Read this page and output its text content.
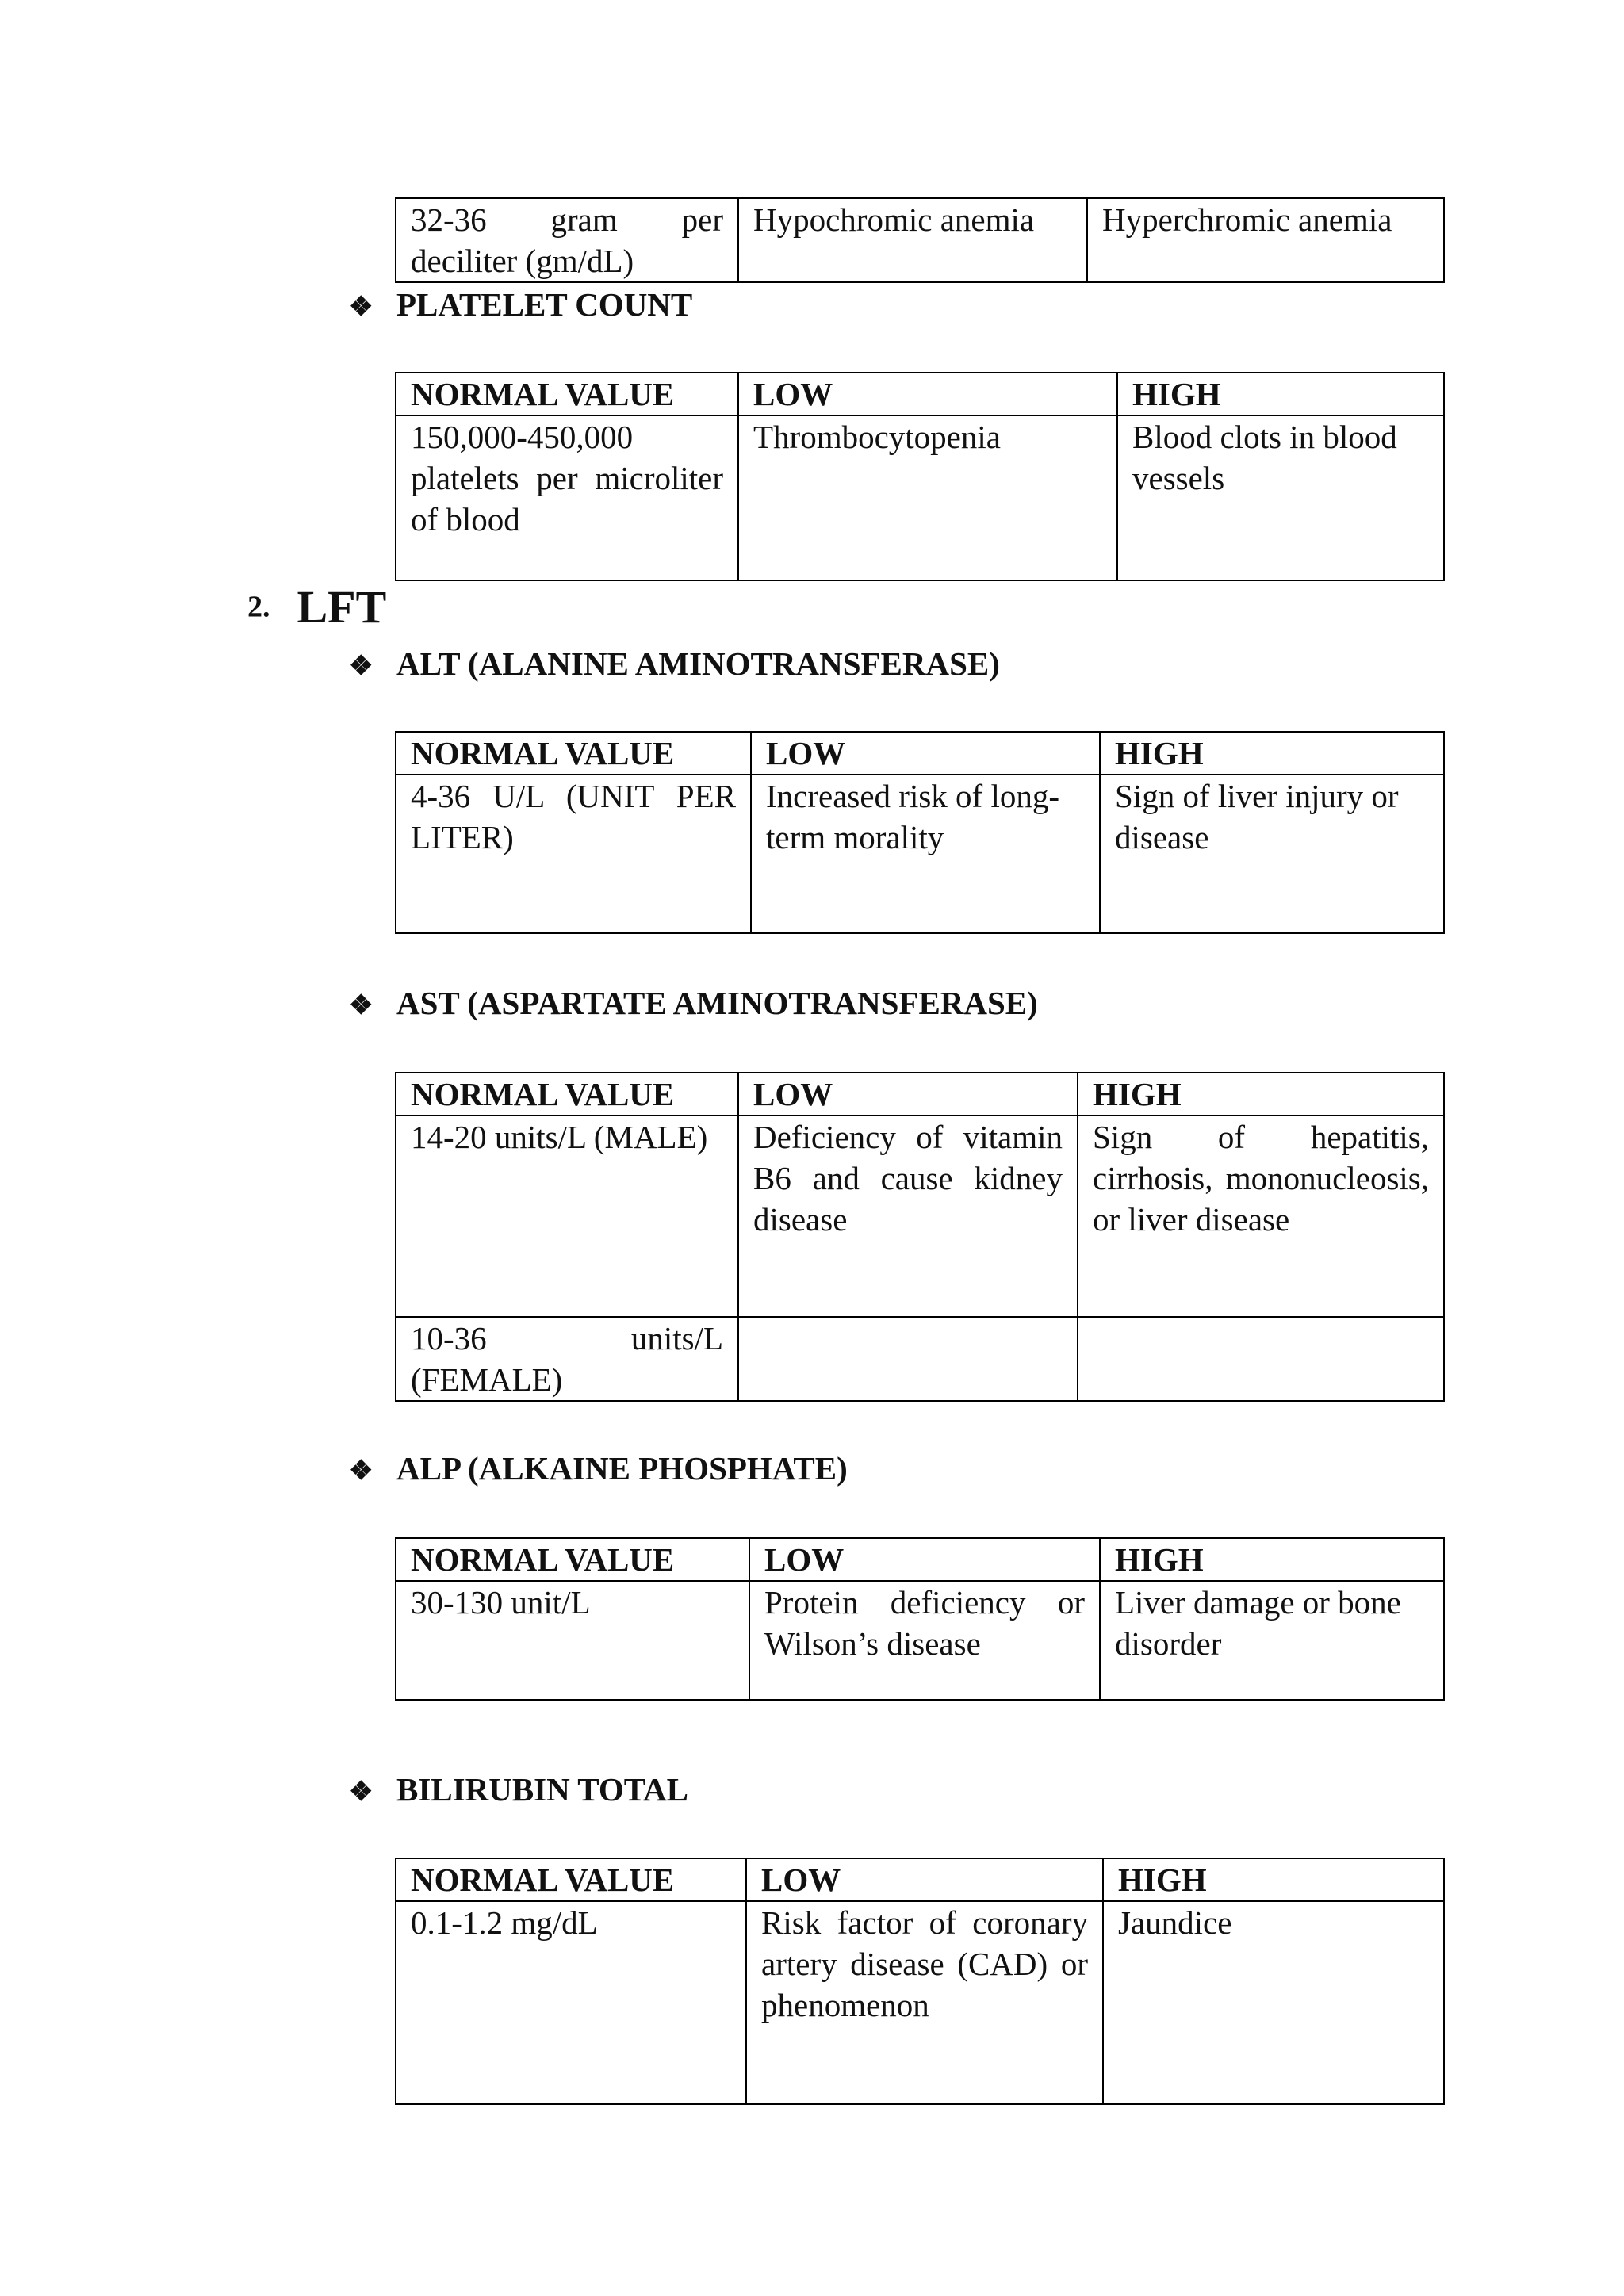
32-36 gram per deciliter (gm/dL)	Hypochromic anemia	Hyperchromic anemia
❖ PLATELET COUNT
NORMAL VALUE	LOW	HIGH
150,000-450,000 platelets per microliter of blood	Thrombocytopenia	Blood clots in blood vessels
2. LFT
❖ ALT (ALANINE AMINOTRANSFERASE)
NORMAL VALUE	LOW	HIGH
4-36 U/L (UNIT PER LITER)	Increased risk of long-term morality	Sign of liver injury or disease
❖ AST (ASPARTATE AMINOTRANSFERASE)
NORMAL VALUE	LOW	HIGH
14-20 units/L (MALE)	Deficiency of vitamin B6 and cause kidney disease	Sign of hepatitis, cirrhosis, mononucleosis, or liver disease
10-36 units/L (FEMALE)		
❖ ALP (ALKAINE PHOSPHATE)
NORMAL VALUE	LOW	HIGH
30-130 unit/L	Protein deficiency or Wilson’s disease	Liver damage or bone disorder
❖ BILIRUBIN TOTAL
NORMAL VALUE	LOW	HIGH
0.1-1.2 mg/dL	Risk factor of coronary artery disease (CAD) or phenomenon	Jaundice
